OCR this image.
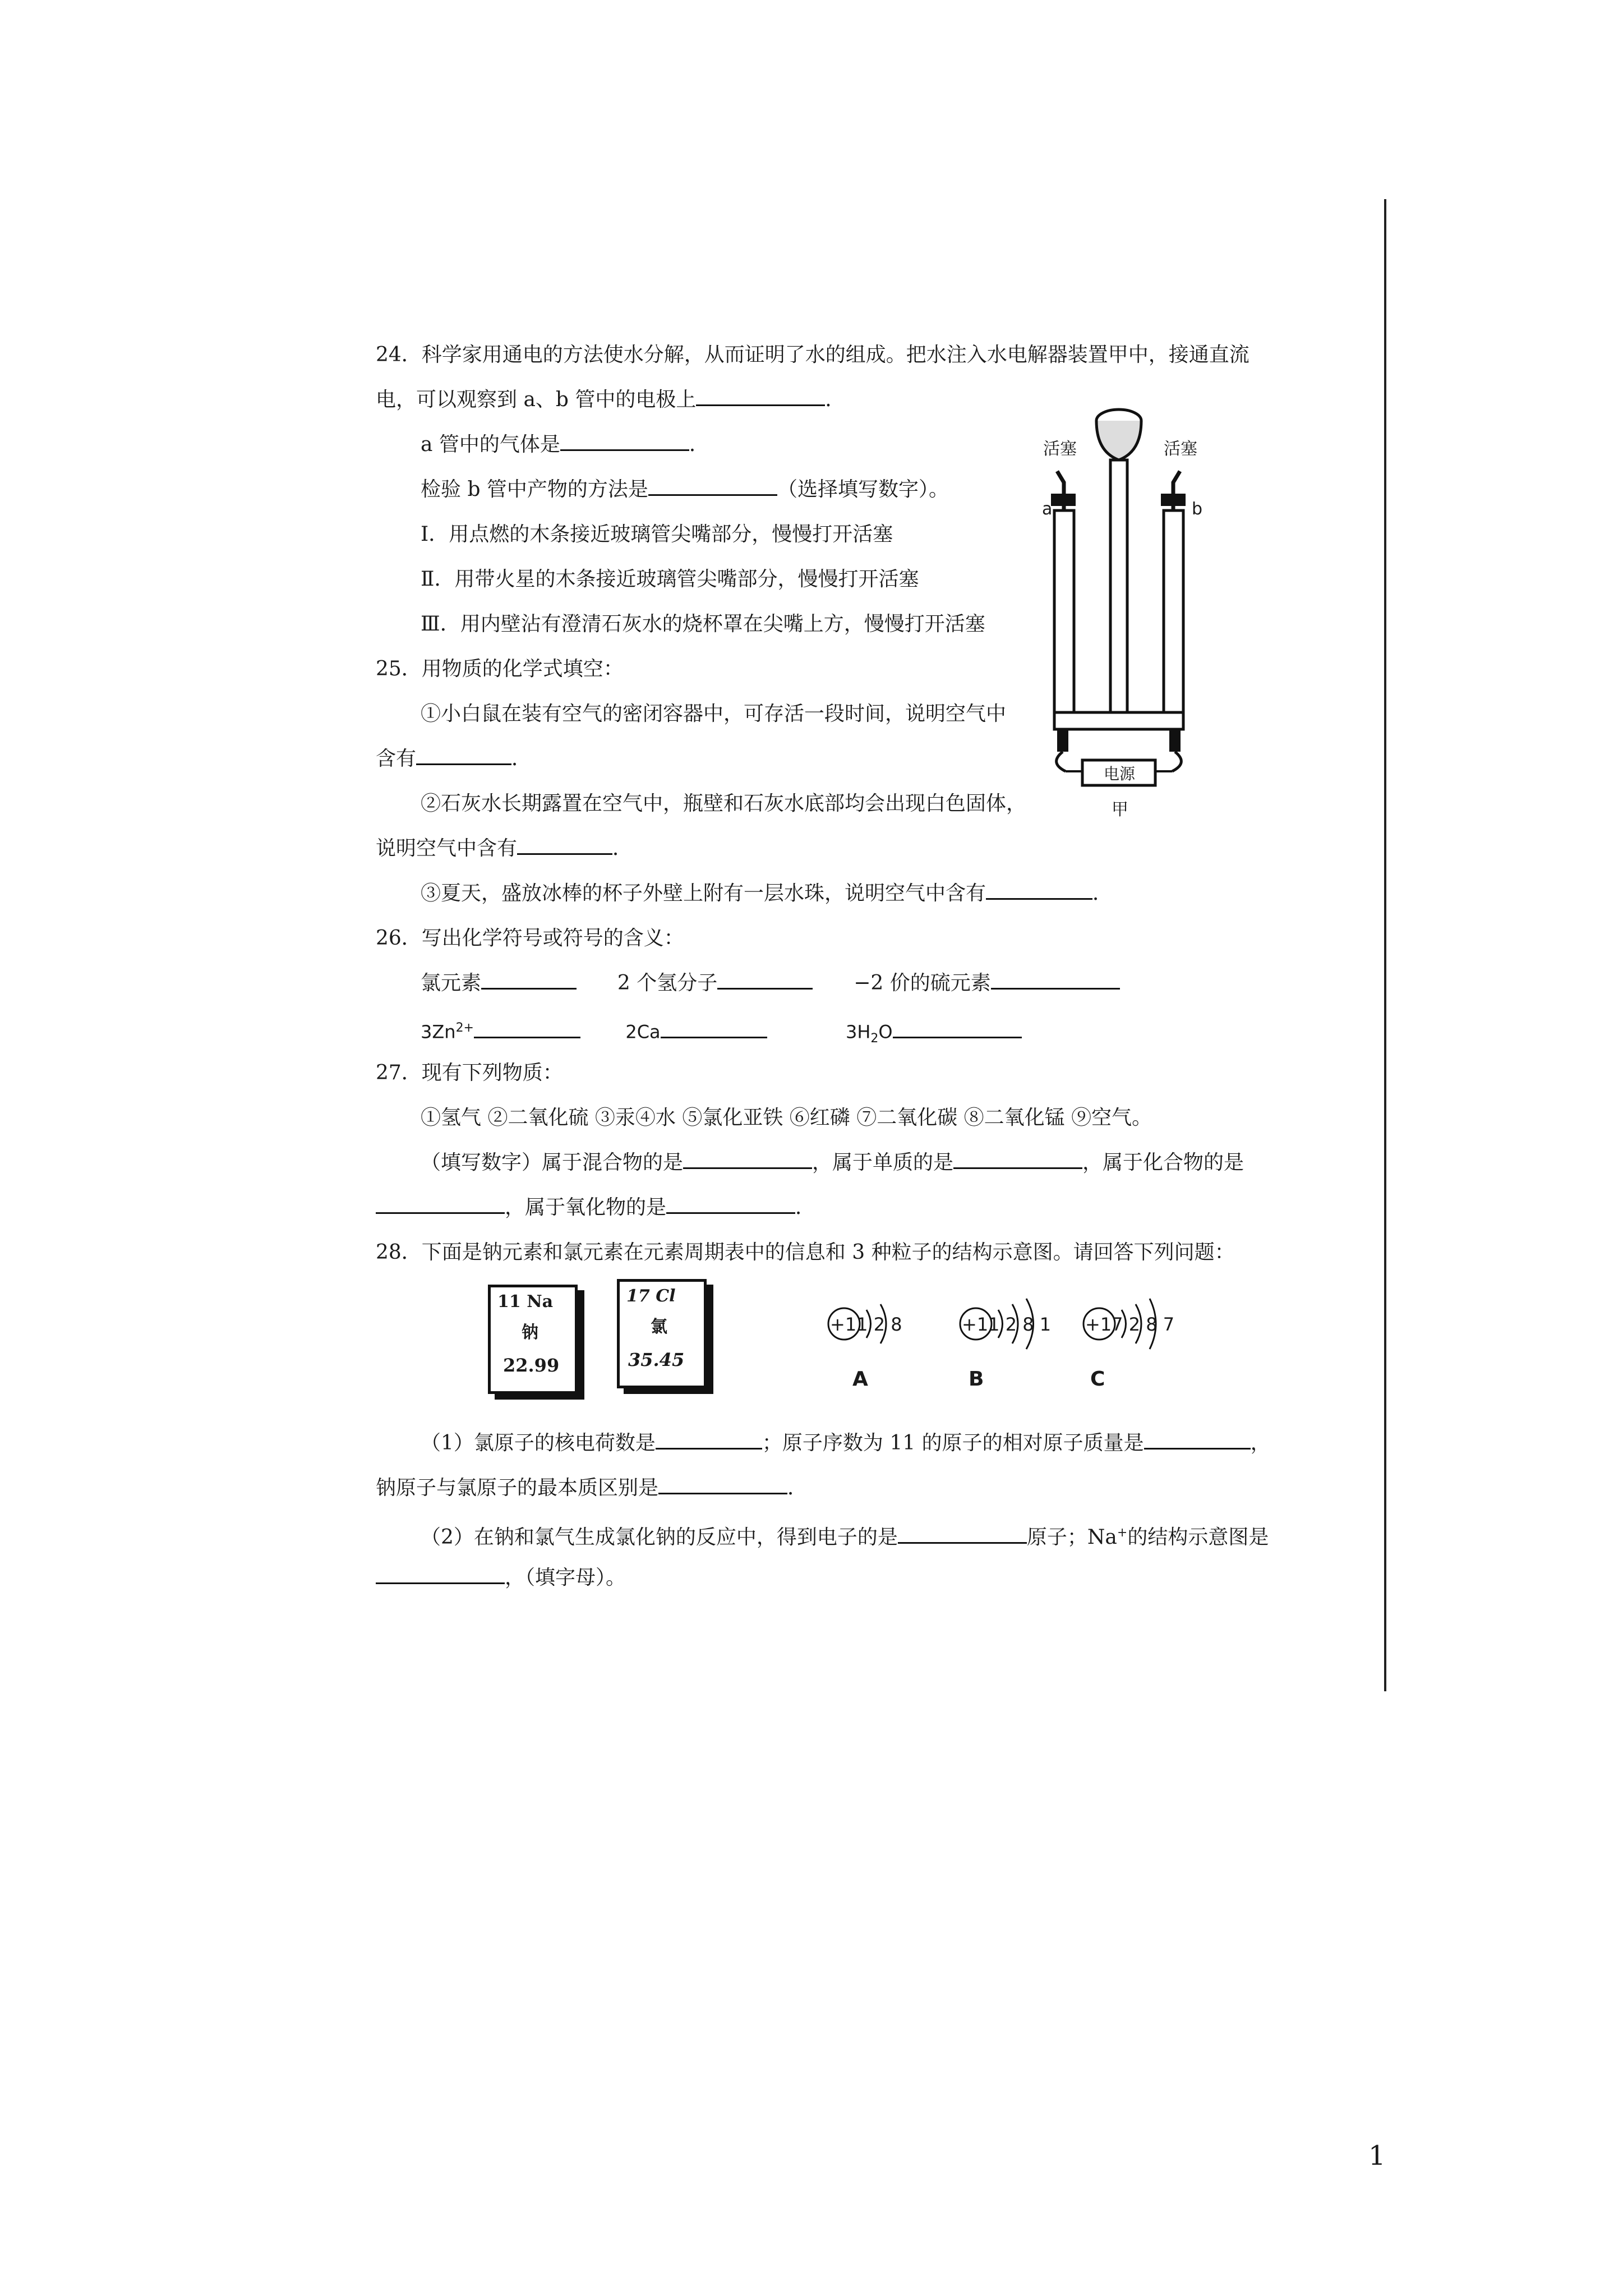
24．科学家用通电的方法使水分解，从而证明了水的组成。把水注入水电解器装置甲中，接通直流
电，可以观察到 a、b 管中的电极上	．
a 管中的气体是	．
检验 b 管中产物的方法是	（选择填写数字）。
Ⅰ．用点燃的木条接近玻璃管尖嘴部分，慢慢打开活塞
Ⅱ．用带火星的木条接近玻璃管尖嘴部分，慢慢打开活塞
Ⅲ．用内壁沾有澄清石灰水的烧杯罩在尖嘴上方，慢慢打开活塞
25．用物质的化学式填空：
①小白鼠在装有空气的密闭容器中，可存活一段时间，说明空气中
含有	．
②石灰水长期露置在空气中，瓶壁和石灰水底部均会出现白色固体，
说明空气中含有	．
③夏天，盛放冰棒的杯子外壁上附有一层水珠，说明空气中含有	．
26．写出化学符号或符号的含义：
氯元素	2 个氢分子	−2 价的硫元素
$3Zn^{2+}$	2Ca	$3H_2O$
27．现有下列物质：
①氢气 ②二氧化硫 ③汞④水 ⑤氯化亚铁 ⑥红磷 ⑦二氧化碳 ⑧二氧化锰 ⑨空气。
（填写数字）属于混合物的是	，属于单质的是	，属于化合物的是
，属于氧化物的是	．
28．下面是钠元素和氯元素在元素周期表中的信息和 3 种粒子的结构示意图。请回答下列问题：
（1）氯原子的核电荷数是	；原子序数为 11 的原子的相对原子质量是	，
钠原子与氯原子的最本质区别是	．
（2）在钠和氯气生成氯化钠的反应中，得到电子的是	原子；Na+的结构示意图是
，（填字母）。
活塞	活塞
a	b
电源
甲
11 Na
钠
22.99
17 Cl
氯
35.45
+11 2 8	+11 2 8 1 +17 2 8 7
A	B	C
1
